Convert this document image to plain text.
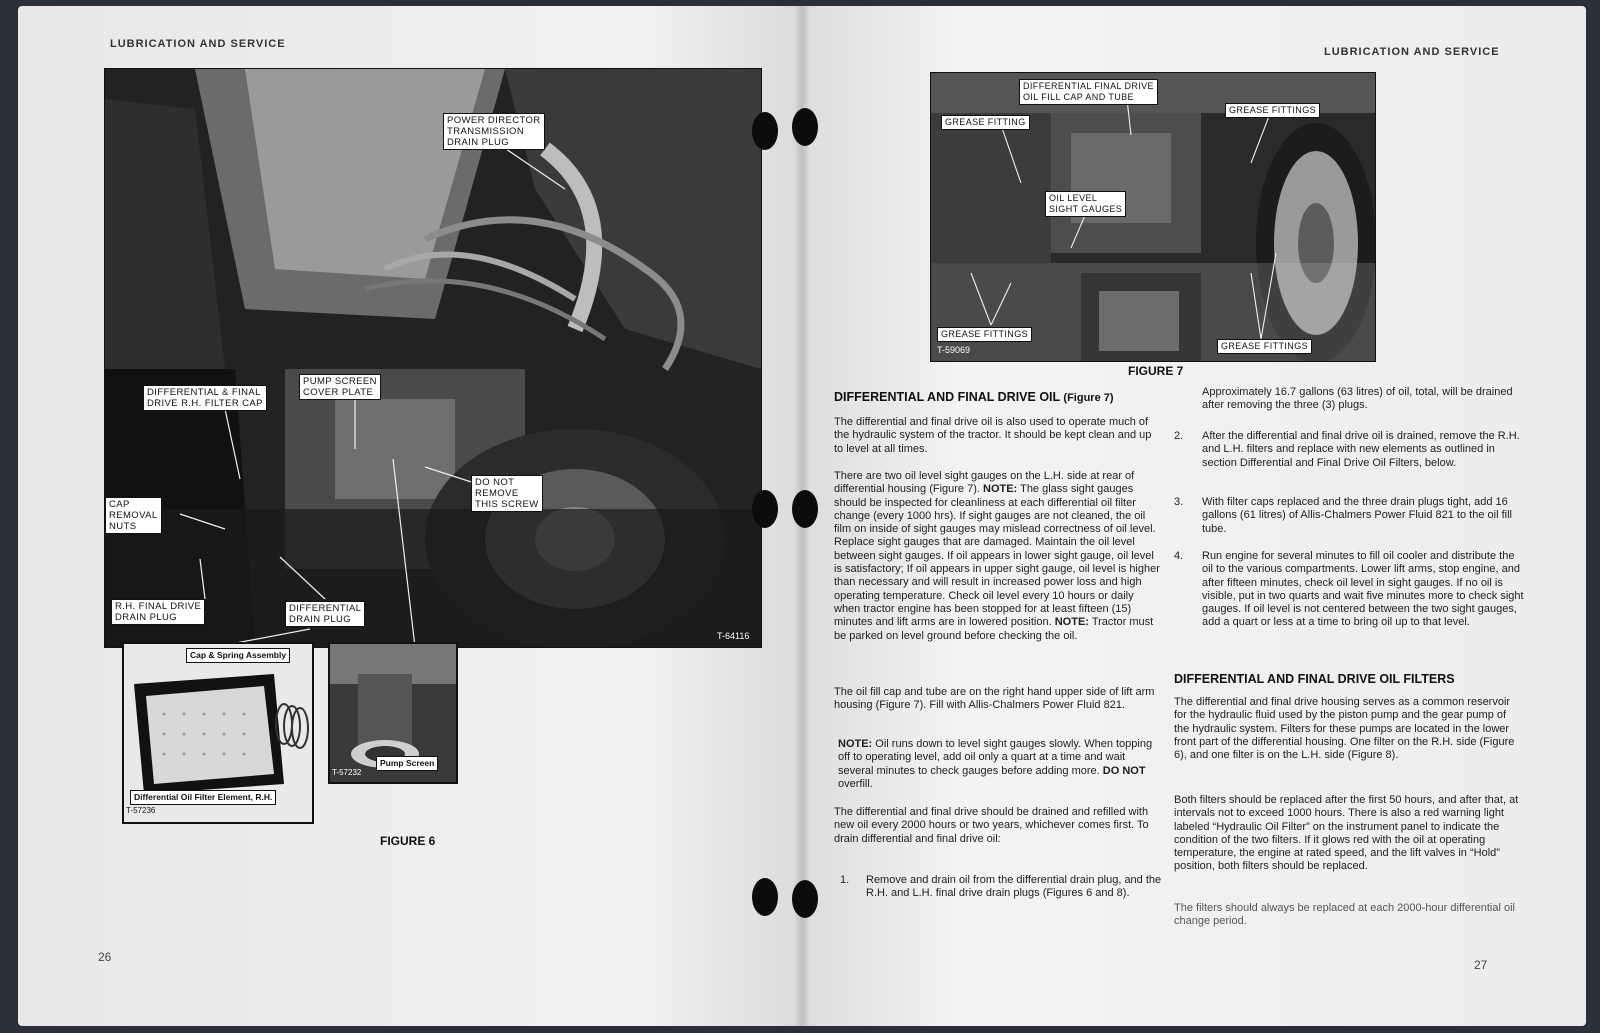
LUBRICATION AND SERVICE
POWER DIRECTOR
TRANSMISSION
DRAIN PLUG
PUMP SCREEN
COVER PLATE
DIFFERENTIAL & FINAL
DRIVE R.H. FILTER CAP
DO NOT
REMOVE
THIS SCREW
CAP
REMOVAL
NUTS
R.H. FINAL DRIVE
DRAIN PLUG
DIFFERENTIAL
DRAIN PLUG
T-64116
Cap & Spring Assembly
Differential Oil Filter Element, R.H.
T-57236
Pump Screen
T-57232
FIGURE 6
26
LUBRICATION AND SERVICE
DIFFERENTIAL FINAL DRIVE
OIL FILL CAP AND TUBE
GREASE FITTING
GREASE FITTINGS
OIL LEVEL
SIGHT GAUGES
GREASE FITTINGS
GREASE FITTINGS
T-59069
FIGURE 7
DIFFERENTIAL AND FINAL DRIVE OIL (Figure 7)
The differential and final drive oil is also used to operate much of the hydraulic system of the tractor. It should be kept clean and up to level at all times.
There are two oil level sight gauges on the L.H. side at rear of differential housing (Figure 7). NOTE: The glass sight gauges should be inspected for cleanliness at each differential oil filter change (every 1000 hrs). If sight gauges are not cleaned, the oil film on inside of sight gauges may mislead correctness of oil level. Replace sight gauges that are damaged. Maintain the oil level between sight gauges. If oil appears in lower sight gauge, oil level is satisfactory; If oil appears in upper sight gauge, oil level is higher than necessary and will result in increased power loss and high operating temperature. Check oil level every 10 hours or daily when tractor engine has been stopped for at least fifteen (15) minutes and lift arms are in lowered position. NOTE: Tractor must be parked on level ground before checking the oil.
The oil fill cap and tube are on the right hand upper side of lift arm housing (Figure 7). Fill with Allis-Chalmers Power Fluid 821.
NOTE: Oil runs down to level sight gauges slowly. When topping off to operating level, add oil only a quart at a time and wait several minutes to check gauges before adding more. DO NOT overfill.
The differential and final drive should be drained and refilled with new oil every 2000 hours or two years, whichever comes first. To drain differential and final drive oil:
1. Remove and drain oil from the differential drain plug, and the R.H. and L.H. final drive drain plugs (Figures 6 and 8).
Approximately 16.7 gallons (63 litres) of oil, total, will be drained after removing the three (3) plugs.
2. After the differential and final drive oil is drained, remove the R.H. and L.H. filters and replace with new elements as outlined in section Differential and Final Drive Oil Filters, below.
3. With filter caps replaced and the three drain plugs tight, add 16 gallons (61 litres) of Allis-Chalmers Power Fluid 821 to the oil fill tube.
4. Run engine for several minutes to fill oil cooler and distribute the oil to the various compartments. Lower lift arms, stop engine, and after fifteen minutes, check oil level in sight gauges. If no oil is visible, put in two quarts and wait five minutes more to check sight gauges. If oil level is not centered between the two sight gauges, add a quart or less at a time to bring oil up to that level.
DIFFERENTIAL AND FINAL DRIVE OIL FILTERS
The differential and final drive housing serves as a common reservoir for the hydraulic fluid used by the piston pump and the gear pump of the hydraulic system. Filters for these pumps are located in the lower front part of the differential housing. One filter on the R.H. side (Figure 6), and one filter is on the L.H. side (Figure 8).
Both filters should be replaced after the first 50 hours, and after that, at intervals not to exceed 1000 hours. There is also a red warning light labeled “Hydraulic Oil Filter” on the instrument panel to indicate the condition of the two filters. If it glows red with the oil at operating temperature, the engine at rated speed, and the lift valves in “Hold” position, both filters should be replaced.
The filters should always be replaced at each 2000-hour differential oil change period.
27
